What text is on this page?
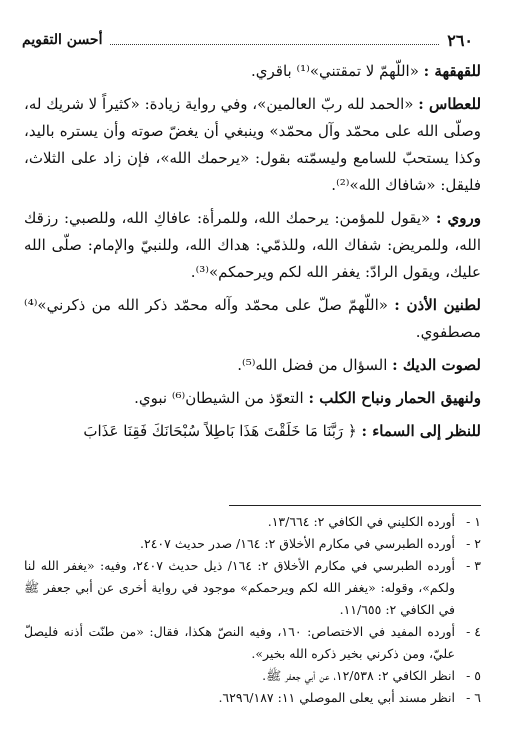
٢٦٠
أحسن التقويم

للقهقهة : «اللّهمّ لا تمقتني»⁽¹⁾ باقري.

للعطاس : «الحمد لله ربّ العالمين»، وفي رواية زيادة: «كثيراً لا شريك له، وصلّى الله على محمّد وآل محمّد» وينبغي أن يغضّ صوته وأن يستره باليد، وكذا يستحبّ للسامع وليسمّته بقول: «يرحمك الله»، فإن زاد على الثلاث، فليقل: «شافاك الله»⁽²⁾.

وروي : «يقول للمؤمن: يرحمك الله، وللمرأة: عافاكِ الله، وللصبي: رزقك الله، وللمريض: شفاك الله، وللذمّي: هداك الله، وللنبيّ والإمام: صلّى الله عليك، ويقول الرادّ: يغفر الله لكم ويرحمكم»⁽³⁾.

لطنين الأذن : «اللّهمّ صلّ على محمّد وآله محمّد ذكر الله من ذكرني»⁽⁴⁾ مصطفوي.

لصوت الديك : السؤال من فضل الله⁽⁵⁾.

ولنهيق الحمار ونباح الكلب : التعوّذ من الشيطان⁽⁶⁾ نبوي.

للنظر إلى السماء : ﴿ رَبَّنَا مَا خَلَقْتَ هَذَا بَاطِلاً سُبْحَانَكَ فَقِنَا عَذَابَ

١ -
أورده الكليني في الكافي ٢: ١٣/٦٦٤.
٢ -
أورده الطبرسي في مكارم الأخلاق ٢: ١٦٤/ صدر حديث ٢٤٠٧.
٣ -
أورده الطبرسي في مكارم الأخلاق ٢: ١٦٤/ ذيل حديث ٢٤٠٧، وفيه: «يغفر الله لنا ولكم»، وقوله: «يغفر الله لكم ويرحمكم» موجود في رواية أخرى عن أبي جعفر ﷺ في الكافي ٢: ١١/٦٥٥.
٤ -
أورده المفيد في الاختصاص: ١٦٠، وفيه النصّ هكذا، فقال: «من طنّت أذنه فليصلّ عليّ، ومن ذكرني بخير ذكره الله بخير».
٥ -
انظر الكافي ٢: ١٢/٥٣٨، عن أبي جعفر ﷺ.
٦ -
انظر مسند أبي يعلى الموصلي ١١: ٦٢٩٦/١٨٧.
